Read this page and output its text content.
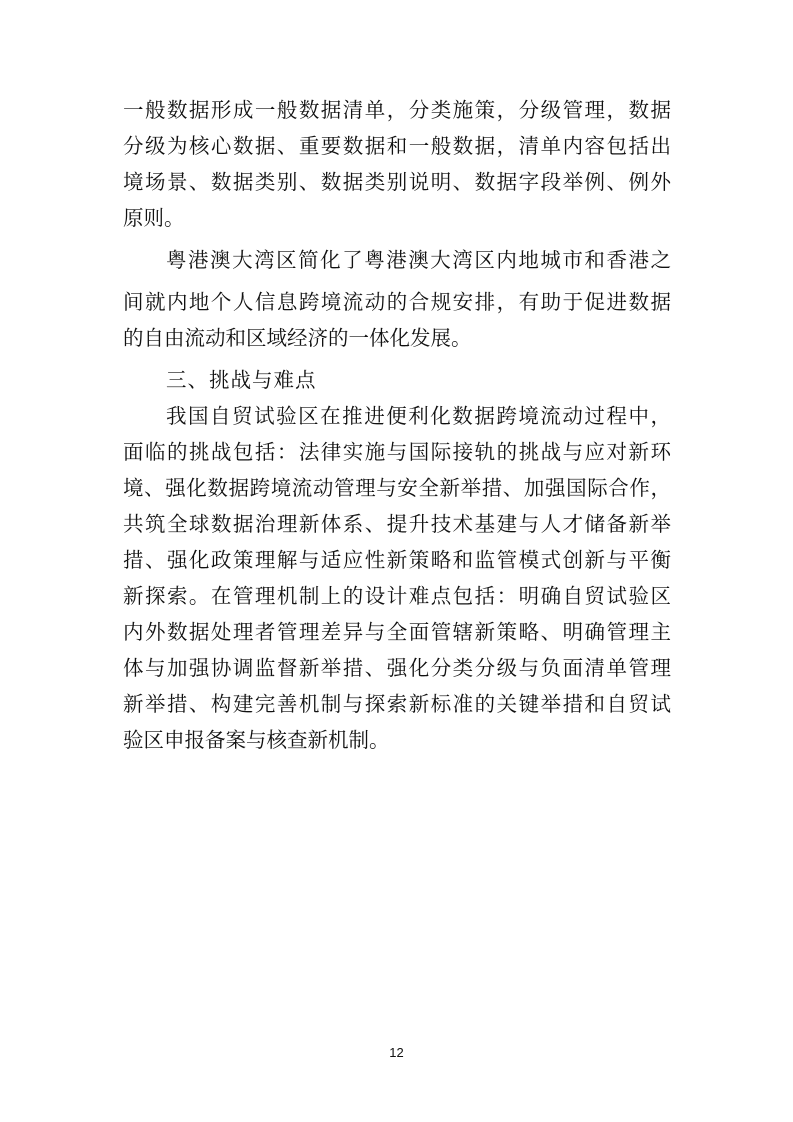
一般数据形成一般数据清单，分类施策，分级管理，数据
分级为核心数据、重要数据和一般数据，清单内容包括出
境场景、数据类别、数据类别说明、数据字段举例、例外
原则。
粤港澳大湾区简化了粤港澳大湾区内地城市和香港之
间就内地个人信息跨境流动的合规安排，有助于促进数据
的自由流动和区域经济的一体化发展。
三、挑战与难点
我国自贸试验区在推进便利化数据跨境流动过程中，
面临的挑战包括：法律实施与国际接轨的挑战与应对新环
境、强化数据跨境流动管理与安全新举措、加强国际合作，
共筑全球数据治理新体系、提升技术基建与人才储备新举
措、强化政策理解与适应性新策略和监管模式创新与平衡
新探索。在管理机制上的设计难点包括：明确自贸试验区
内外数据处理者管理差异与全面管辖新策略、明确管理主
体与加强协调监督新举措、强化分类分级与负面清单管理
新举措、构建完善机制与探索新标准的关键举措和自贸试
验区申报备案与核查新机制。
12
